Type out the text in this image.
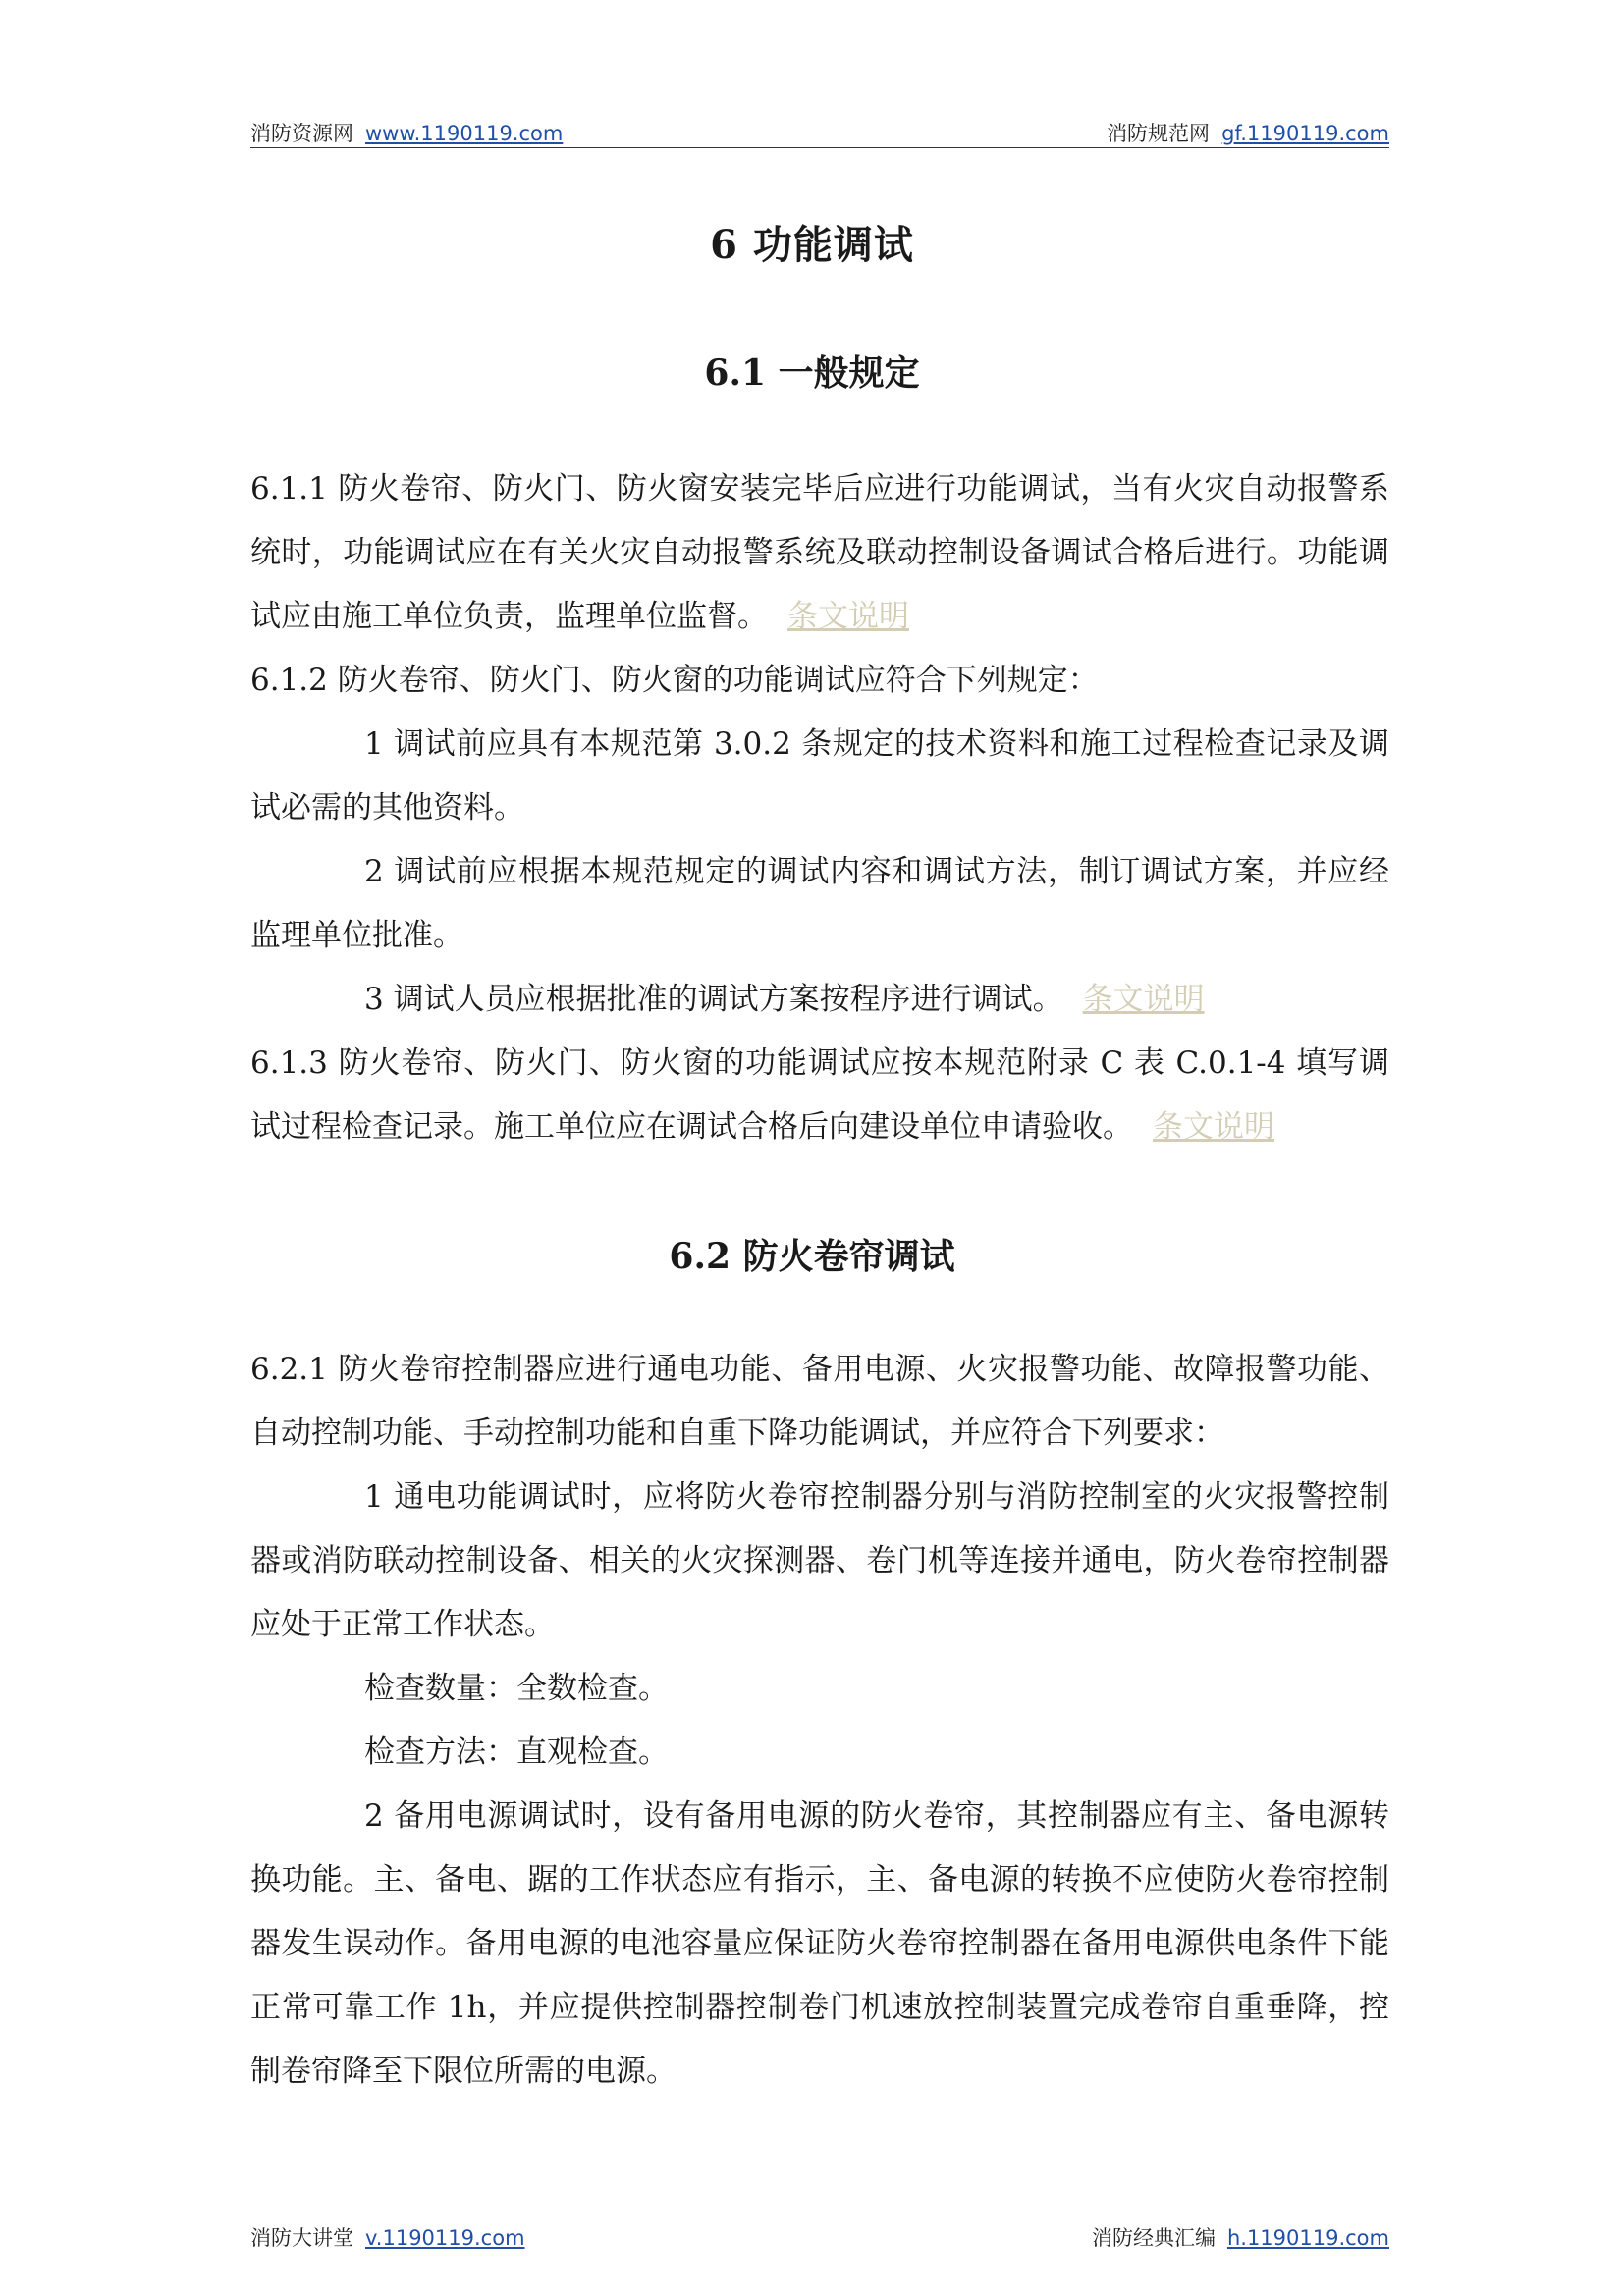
消防资源网 www.1190119.com	消防规范网 gf.1190119.com
6 功能调试
6.1 一般规定

6.1.1 防火卷帘、防火门、防火窗安装完毕后应进行功能调试，当有火灾自动报警系统时，功能调试应在有关火灾自动报警系统及联动控制设备调试合格后进行。功能调试应由施工单位负责，监理单位监督。 条文说明

6.1.2 防火卷帘、防火门、防火窗的功能调试应符合下列规定：

1 调试前应具有本规范第 3.0.2 条规定的技术资料和施工过程检查记录及调试必需的其他资料。

2 调试前应根据本规范规定的调试内容和调试方法，制订调试方案，并应经监理单位批准。

3 调试人员应根据批准的调试方案按程序进行调试。 条文说明

6.1.3 防火卷帘、防火门、防火窗的功能调试应按本规范附录 C 表 C.0.1-4 填写调试过程检查记录。施工单位应在调试合格后向建设单位申请验收。 条文说明

6.2 防火卷帘调试

6.2.1 防火卷帘控制器应进行通电功能、备用电源、火灾报警功能、故障报警功能、自动控制功能、手动控制功能和自重下降功能调试，并应符合下列要求：

1 通电功能调试时，应将防火卷帘控制器分别与消防控制室的火灾报警控制器或消防联动控制设备、相关的火灾探测器、卷门机等连接并通电，防火卷帘控制器应处于正常工作状态。

检查数量：全数检查。

检查方法：直观检查。

2 备用电源调试时，设有备用电源的防火卷帘，其控制器应有主、备电源转换功能。主、备电、踞的工作状态应有指示，主、备电源的转换不应使防火卷帘控制器发生误动作。备用电源的电池容量应保证防火卷帘控制器在备用电源供电条件下能正常可靠工作 1h，并应提供控制器控制卷门机速放控制装置完成卷帘自重垂降，控制卷帘降至下限位所需的电源。

消防大讲堂 v.1190119.com	消防经典汇编 h.1190119.com
